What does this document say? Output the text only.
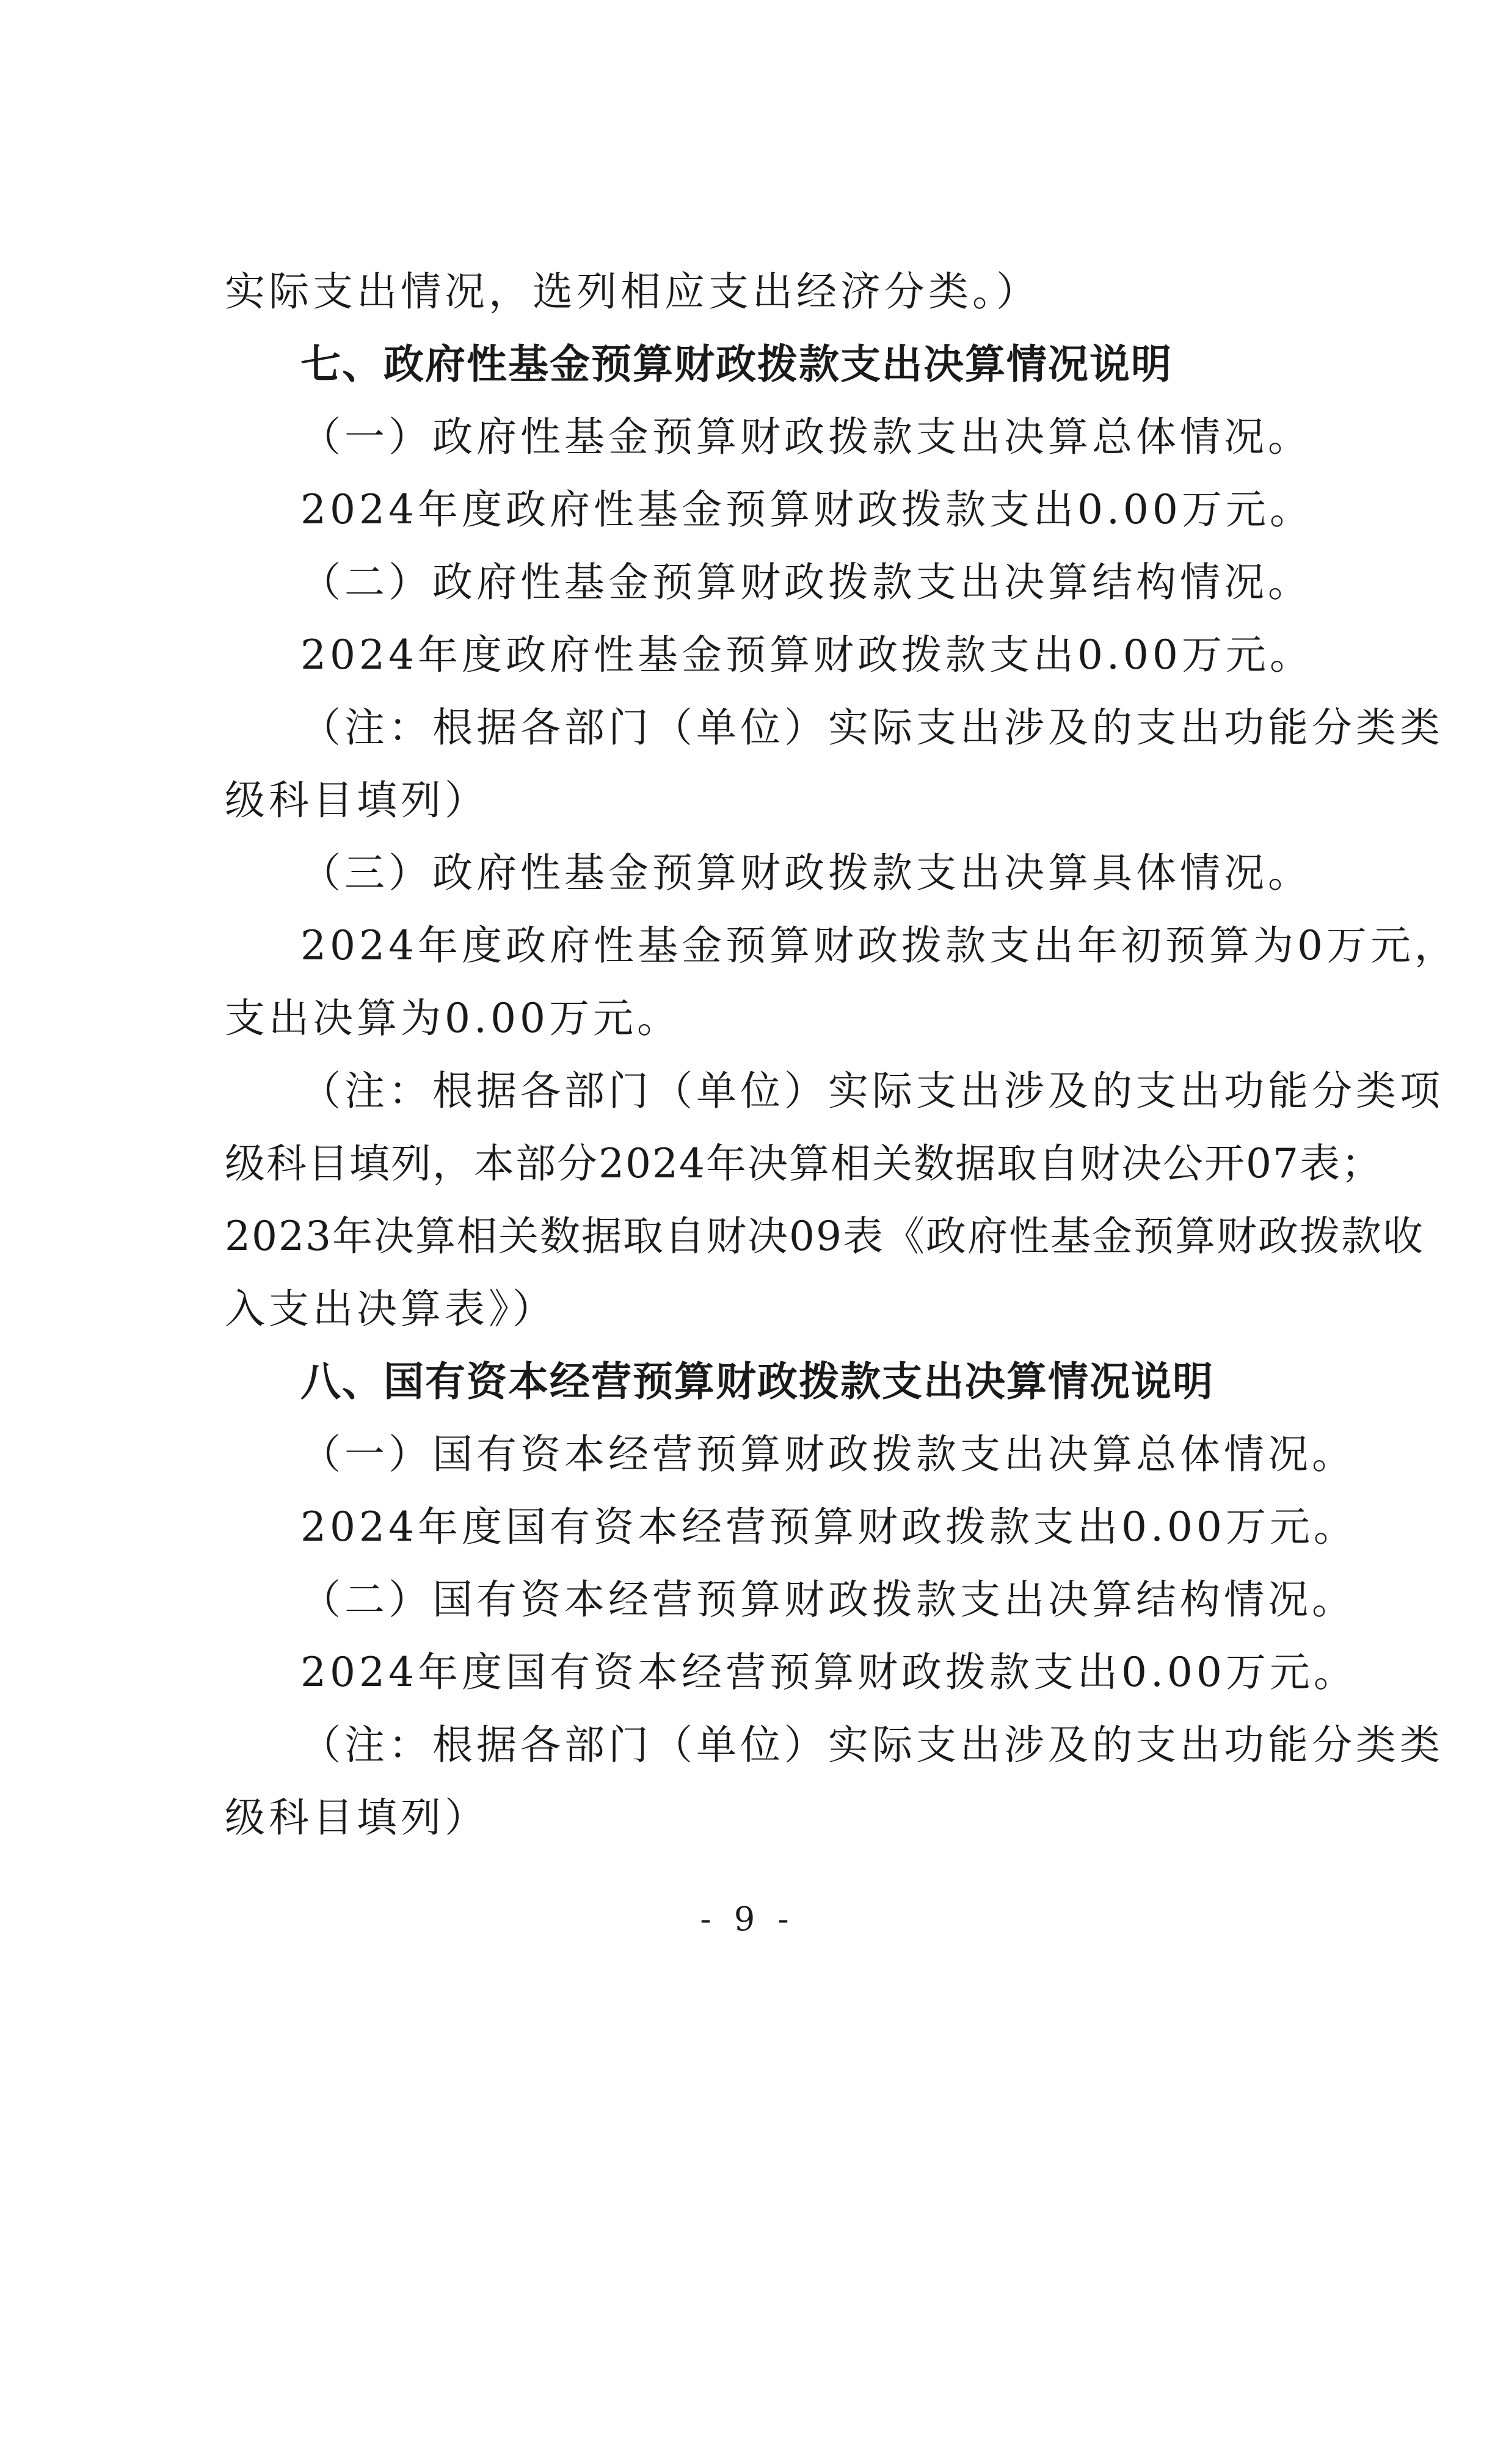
实际支出情况，选列相应支出经济分类。）
七、政府性基金预算财政拨款支出决算情况说明
（一）政府性基金预算财政拨款支出决算总体情况。
2024年度政府性基金预算财政拨款支出0.00万元。
（二）政府性基金预算财政拨款支出决算结构情况。
2024年度政府性基金预算财政拨款支出0.00万元。
（注：根据各部门（单位）实际支出涉及的支出功能分类类
级科目填列）
（三）政府性基金预算财政拨款支出决算具体情况。
2024年度政府性基金预算财政拨款支出年初预算为0万元，
支出决算为0.00万元。
（注：根据各部门（单位）实际支出涉及的支出功能分类项
级科目填列，本部分2024年决算相关数据取自财决公开07表；
2023年决算相关数据取自财决09表《政府性基金预算财政拨款收
入支出决算表》）
八、国有资本经营预算财政拨款支出决算情况说明
（一）国有资本经营预算财政拨款支出决算总体情况。
2024年度国有资本经营预算财政拨款支出0.00万元。
（二）国有资本经营预算财政拨款支出决算结构情况。
2024年度国有资本经营预算财政拨款支出0.00万元。
（注：根据各部门（单位）实际支出涉及的支出功能分类类
级科目填列）
- 9 -
